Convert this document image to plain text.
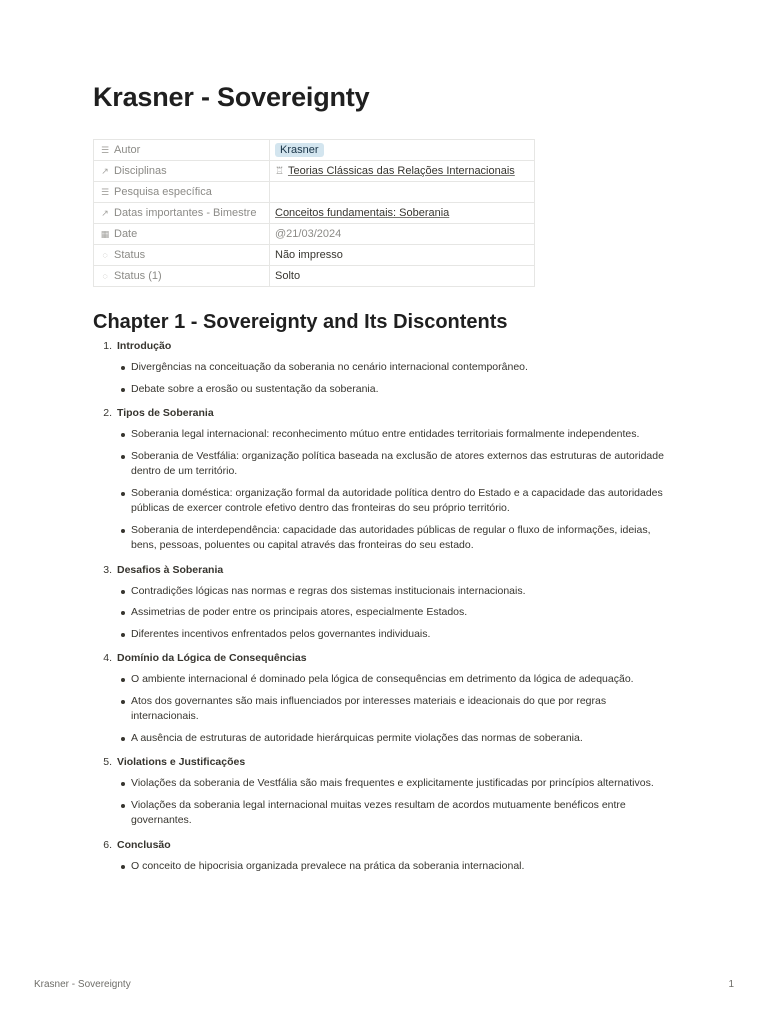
Krasner - Sovereignty
☰ Autor	Krasner
↗ Disciplinas	♖ Teorias Clássicas das Relações Internacionais
☰ Pesquisa específica	
↗ Datas importantes - Bimestre	Conceitos fundamentais: Soberania
▦ Date	@21/03/2024
◌ Status	Não impresso
◌ Status (1)	Solto
Chapter 1 - Sovereignty and Its Discontents
1 . Introdução
Divergências na conceituação da soberania no cenário internacional contemporâneo.
Debate sobre a erosão ou sustentação da soberania.
2 . Tipos de Soberania
Soberania legal internacional: reconhecimento mútuo entre entidades territoriais formalmente independentes.
Soberania de Vestfália: organização política baseada na exclusão de atores externos das estruturas de autoridade dentro de um território.
Soberania doméstica: organização formal da autoridade política dentro do Estado e a capacidade das autoridades públicas de exercer controle efetivo dentro das fronteiras do seu próprio território.
Soberania de interdependência: capacidade das autoridades públicas de regular o fluxo de informações, ideias, bens, pessoas, poluentes ou capital através das fronteiras do seu estado.
3 . Desafios à Soberania
Contradições lógicas nas normas e regras dos sistemas institucionais internacionais.
Assimetrias de poder entre os principais atores, especialmente Estados.
Diferentes incentivos enfrentados pelos governantes individuais.
4 . Domínio da Lógica de Consequências
O ambiente internacional é dominado pela lógica de consequências em detrimento da lógica de adequação.
Atos dos governantes são mais influenciados por interesses materiais e ideacionais do que por regras internacionais.
A ausência de estruturas de autoridade hierárquicas permite violações das normas de soberania.
5 . Violations e Justificações
Violações da soberania de Vestfália são mais frequentes e explicitamente justificadas por princípios alternativos.
Violações da soberania legal internacional muitas vezes resultam de acordos mutuamente benéficos entre governantes.
6 . Conclusão
O conceito de hipocrisia organizada prevalece na prática da soberania internacional.
Krasner - Sovereignty	1
